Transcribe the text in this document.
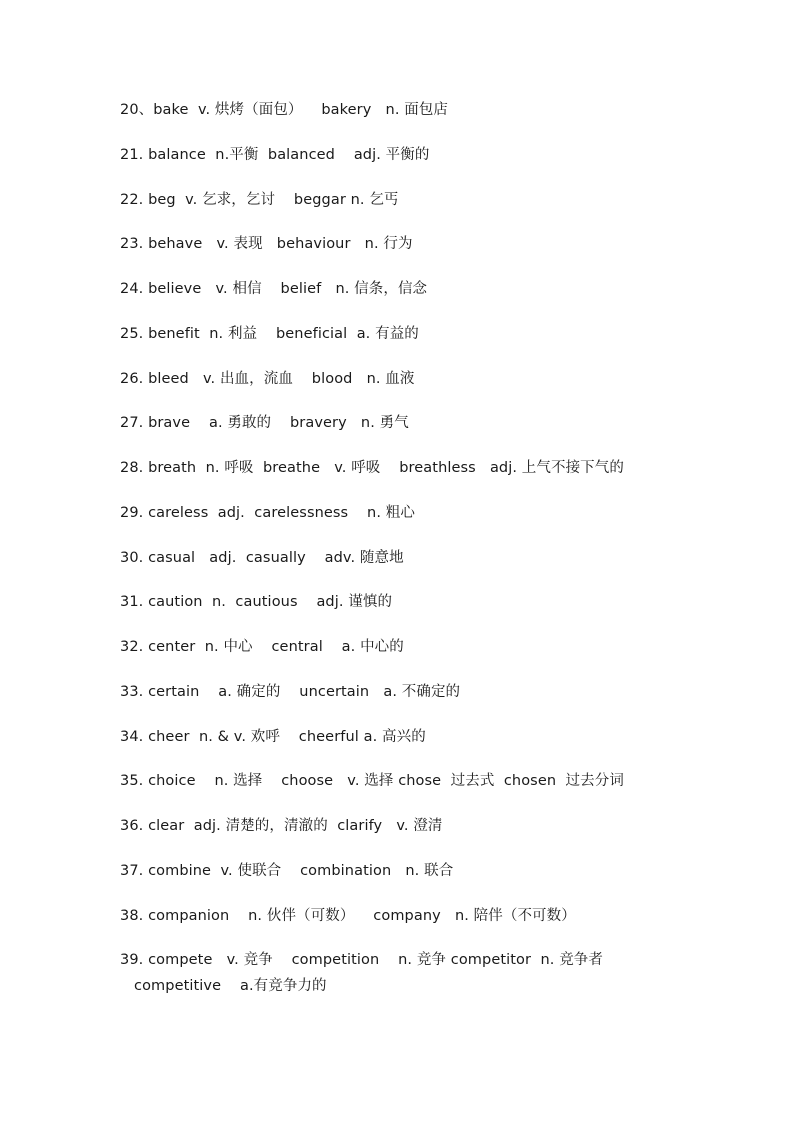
20、bake  v. 烘烤（面包）    bakery   n. 面包店
21. balance  n.平衡  balanced    adj. 平衡的
22. beg  v. 乞求，乞讨    beggar n. 乞丐
23. behave   v. 表现   behaviour   n. 行为
24. believe   v. 相信    belief   n. 信条，信念
25. benefit  n. 利益    beneficial  a. 有益的
26. bleed   v. 出血，流血    blood   n. 血液
27. brave    a. 勇敢的    bravery   n. 勇气
28. breath  n. 呼吸  breathe   v. 呼吸    breathless   adj. 上气不接下气的
29. careless  adj.  carelessness    n. 粗心
30. casual   adj.  casually    adv. 随意地
31. caution  n.  cautious    adj. 谨慎的
32. center  n. 中心    central    a. 中心的
33. certain    a. 确定的    uncertain   a. 不确定的
34. cheer  n. & v. 欢呼    cheerful a. 高兴的
35. choice    n. 选择    choose   v. 选择 chose  过去式  chosen  过去分词
36. clear  adj. 清楚的，清澈的  clarify   v. 澄清
37. combine  v. 使联合    combination   n. 联合
38. companion    n. 伙伴（可数）    company   n. 陪伴（不可数）
39. compete   v. 竞争    competition    n. 竞争 competitor  n. 竞争者
competitive    a.有竞争力的
